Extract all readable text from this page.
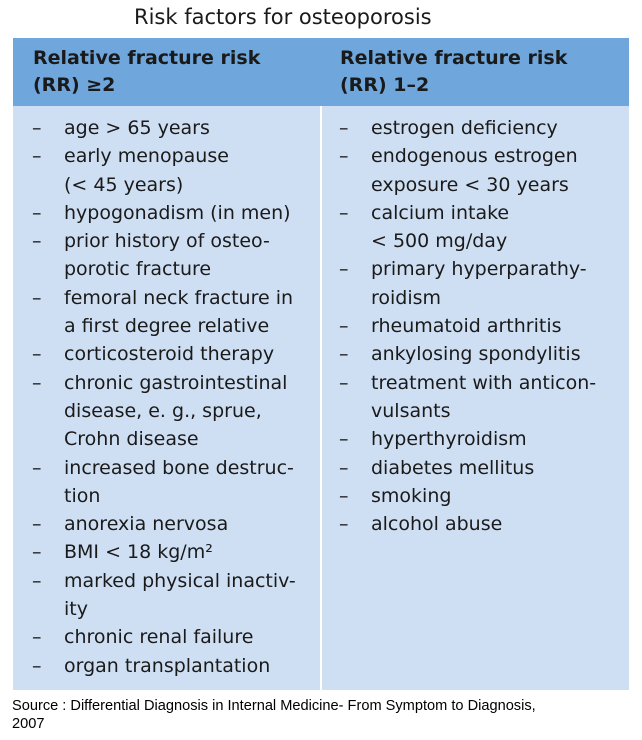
Risk factors for osteoporosis
Relative fracture risk
(RR) ≥2
Relative fracture risk
(RR) 1–2
– age > 65 years
– early menopause
(< 45 years)
– hypogonadism (in men)
– prior history of osteo-
porotic fracture
– femoral neck fracture in
a first degree relative
– corticosteroid therapy
– chronic gastrointestinal
disease, e. g., sprue,
Crohn disease
– increased bone destruc-
tion
– anorexia nervosa
– BMI < 18 kg/m²
– marked physical inactiv-
ity
– chronic renal failure
– organ transplantation
– estrogen deficiency
– endogenous estrogen
exposure < 30 years
– calcium intake
< 500 mg/day
– primary hyperparathy-
roidism
– rheumatoid arthritis
– ankylosing spondylitis
– treatment with anticon-
vulsants
– hyperthyroidism
– diabetes mellitus
– smoking
– alcohol abuse
Source : Differential Diagnosis in Internal Medicine- From Symptom to Diagnosis,
2007
